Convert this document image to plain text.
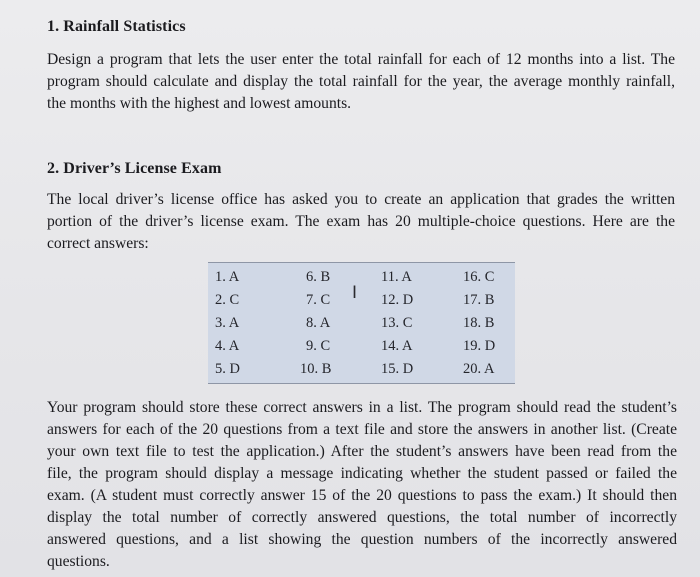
1. Rainfall Statistics
Design a program that lets the user enter the total rainfall for each of 12 months into a list. The
program should calculate and display the total rainfall for the year, the average monthly rainfall,
the months with the highest and lowest amounts.
2. Driver’s License Exam
The local driver’s license office has asked you to create an application that grades the written
portion of the driver’s license exam. The exam has 20 multiple-choice questions. Here are the
correct answers:
1. A
2. C
3. A
4. A
5. D
6. B
7. C
8. A
9. C
10. B
11. A
12. D
13. C
14. A
15. D
16. C
17. B
18. B
19. D
20. A
I
Your program should store these correct answers in a list. The program should read the student’s
answers for each of the 20 questions from a text file and store the answers in another list. (Create
your own text file to test the application.) After the student’s answers have been read from the
file, the program should display a message indicating whether the student passed or failed the
exam. (A student must correctly answer 15 of the 20 questions to pass the exam.) It should then
display the total number of correctly answered questions, the total number of incorrectly
answered questions, and a list showing the question numbers of the incorrectly answered
questions.
